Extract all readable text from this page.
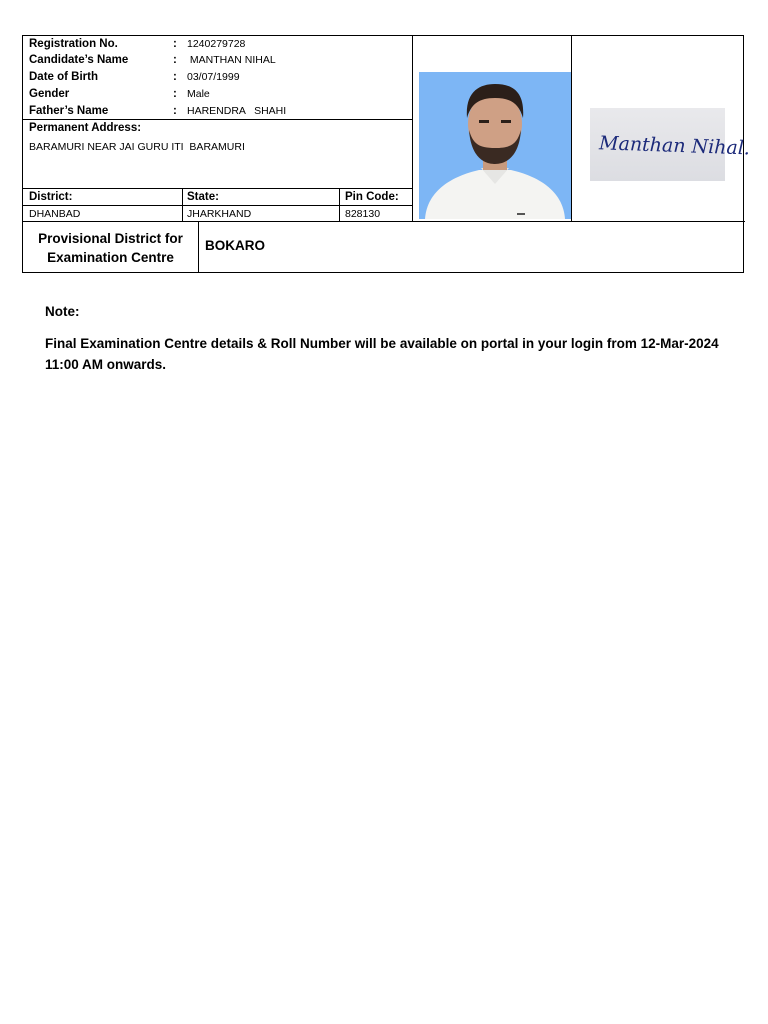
Registration No.	: 1240279728
Candidate’s Name	: MANTHAN NIHAL
Date of Birth	: 03/07/1999
Gender	: Male
Father’s Name	: HARENDRA   SHAHI
Permanent Address:
BARAMURI NEAR JAI GURU ITI  BARAMURI
District:
DHANBAD
State:
JHARKHAND
Pin Code:
828130
Manthan Nihal.
Provisional District for Examination Centre
BOKARO
Note:
Final Examination Centre details & Roll Number will be available on portal in your login from 12-Mar-2024 11:00 AM onwards.
